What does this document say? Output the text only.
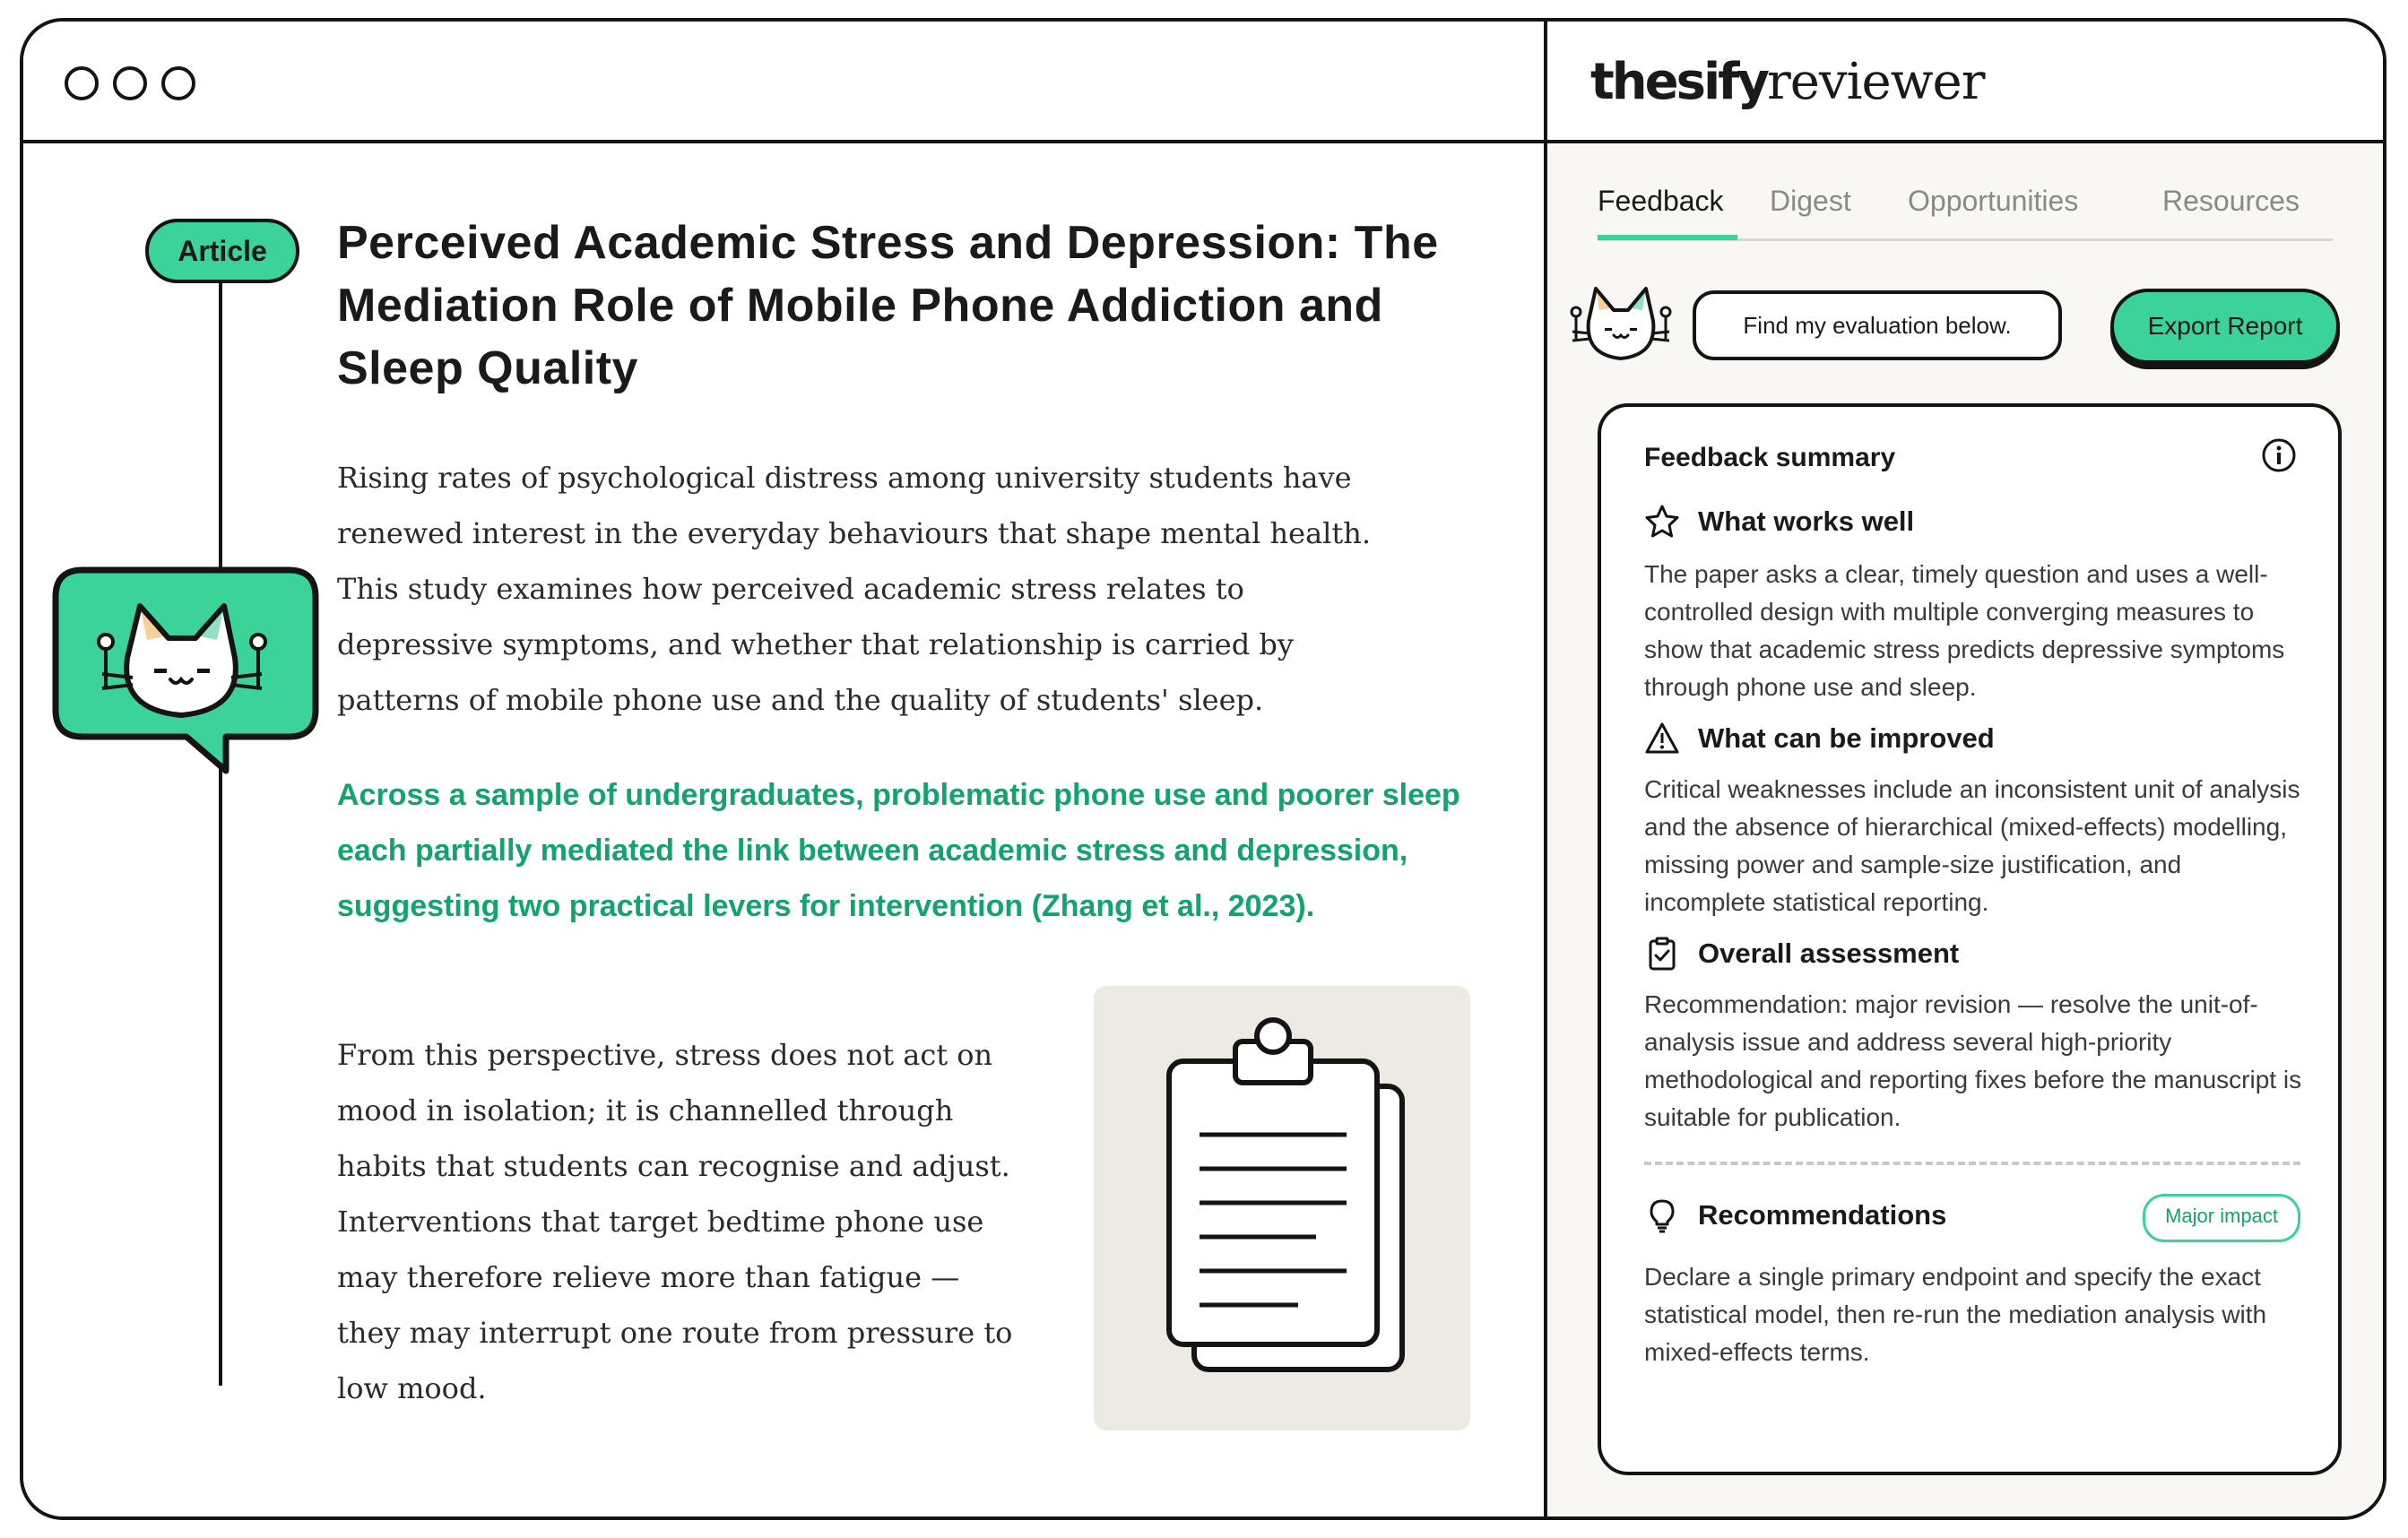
Article	Perceived Academic Stress and Depression: The Mediation Role of Mobile Phone Addiction and Sleep Quality
Rising rates of psychological distress among university students have renewed interest in the everyday behaviours that shape mental health. This study examines how perceived academic stress relates to depressive symptoms, and whether that relationship is carried by patterns of mobile phone use and the quality of students' sleep.
Across a sample of undergraduates, problematic phone use and poorer sleep each partially mediated the link between academic stress and depression, suggesting two practical levers for intervention (Zhang et al., 2023).
From this perspective, stress does not act on mood in isolation; it is channelled through habits that students can recognise and adjust. Interventions that target bedtime phone use may therefore relieve more than fatigue — they may interrupt one route from pressure to low mood.
thesifyreviewer
Feedback Digest Opportunities	Resources
Find my evaluation below.	Export Report
Feedback summary
What works well
The paper asks a clear, timely question and uses a well-controlled design with multiple converging measures to show that academic stress predicts depressive symptoms through phone use and sleep.
What can be improved
Critical weaknesses include an inconsistent unit of analysis and the absence of hierarchical (mixed-effects) modelling, missing power and sample-size justification, and incomplete statistical reporting.
Overall assessment
Recommendation: major revision — resolve the unit-of-analysis issue and address several high-priority methodological and reporting fixes before the manuscript is suitable for publication.
Recommendations	Major impact
Declare a single primary endpoint and specify the exact statistical model, then re-run the mediation analysis with mixed-effects terms.
